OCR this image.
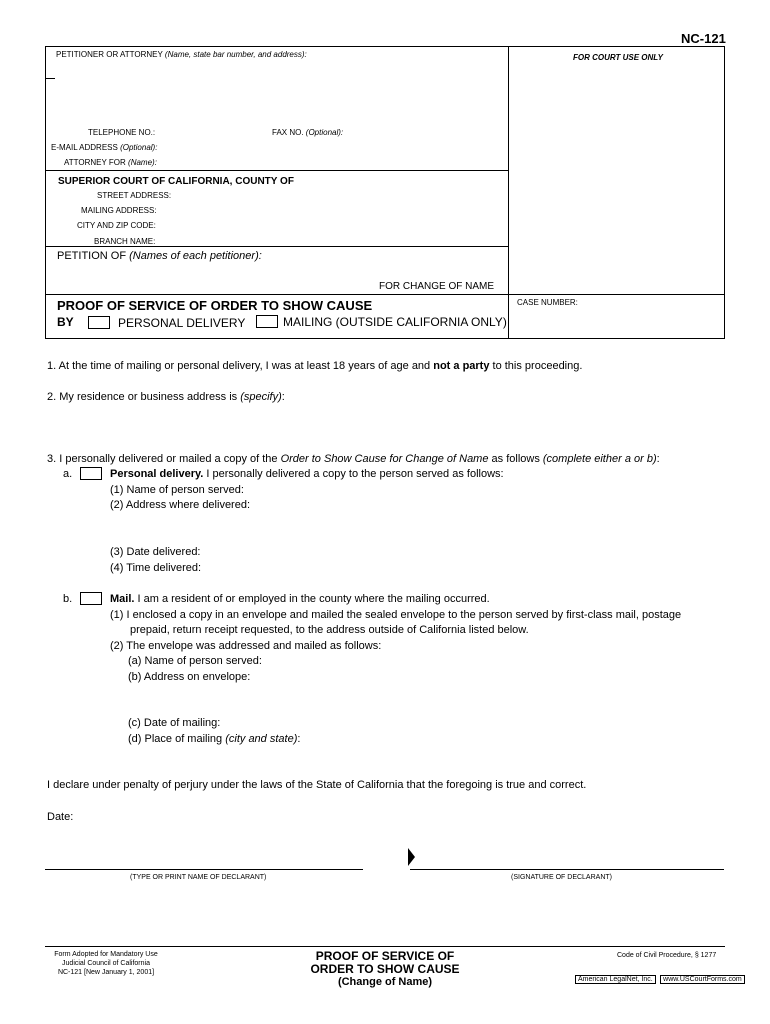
NC-121
PETITIONER OR ATTORNEY (Name, state bar number, and address):	FOR COURT USE ONLY
TELEPHONE NO.:	FAX NO. (Optional):
E-MAIL ADDRESS (Optional):
ATTORNEY FOR (Name):
SUPERIOR COURT OF CALIFORNIA, COUNTY OF
STREET ADDRESS:
MAILING ADDRESS:
CITY AND ZIP CODE:
BRANCH NAME:
PETITION OF (Names of each petitioner):
FOR CHANGE OF NAME
PROOF OF SERVICE OF ORDER TO SHOW CAUSE
BY	PERSONAL DELIVERY	MAILING (OUTSIDE CALIFORNIA ONLY)
CASE NUMBER:
1. At the time of mailing or personal delivery, I was at least 18 years of age and not a party to this proceeding.
2. My residence or business address is (specify):
3. I personally delivered or mailed a copy of the Order to Show Cause for Change of Name as follows (complete either a or b):
a.	Personal delivery. I personally delivered a copy to the person served as follows:
(1) Name of person served:
(2) Address where delivered:
(3) Date delivered:
(4) Time delivered:
b.	Mail. I am a resident of or employed in the county where the mailing occurred.
(1) I enclosed a copy in an envelope and mailed the sealed envelope to the person served by first-class mail, postage
prepaid, return receipt requested, to the address outside of California listed below.
(2) The envelope was addressed and mailed as follows:
(a) Name of person served:
(b) Address on envelope:
(c) Date of mailing:
(d) Place of mailing (city and state):
I declare under penalty of perjury under the laws of the State of California that the foregoing is true and correct.
Date:
(TYPE OR PRINT NAME OF DECLARANT)	(SIGNATURE OF DECLARANT)
Form Adopted for Mandatory Use
Judicial Council of California
NC-121 [New January 1, 2001]
PROOF OF SERVICE OF
ORDER TO SHOW CAUSE
(Change of Name)
Code of Civil Procedure, § 1277
American LegalNet, Inc. www.USCourtForms.com
